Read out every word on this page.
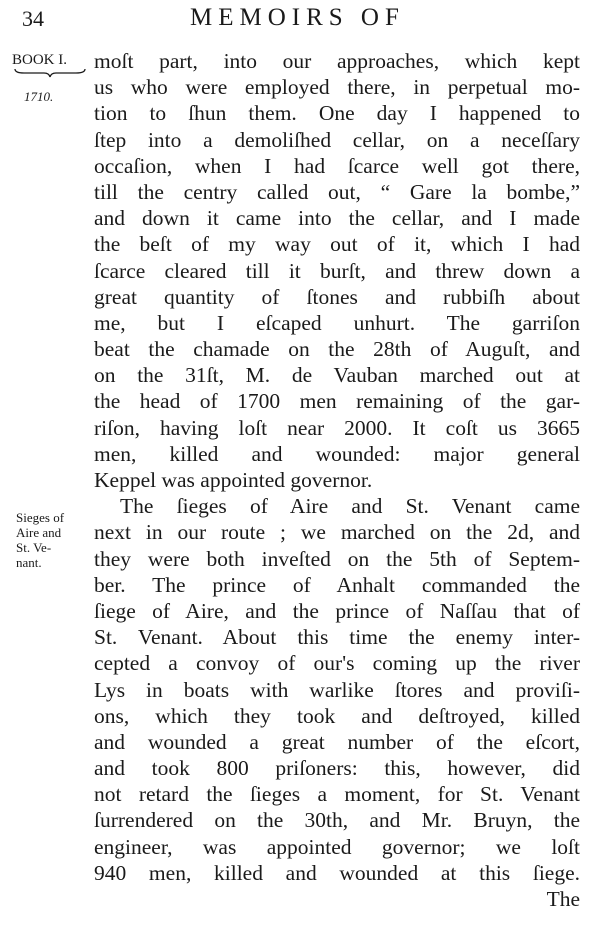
34	MEMOIRS OF
BOOK I.
1710.
Sieges of
Aire and
St. Ve-
nant.
moſt part, into our approaches, which kept
us who were employed there, in perpetual mo-
tion to ſhun them. One day I happened to
ſtep into a demoliſhed cellar, on a neceſſary
occaſion, when I had ſcarce well got there,
till the centry called out, “ Gare la bombe,”
and down it came into the cellar, and I made
the beſt of my way out of it, which I had
ſcarce cleared till it burſt, and threw down a
great quantity of ſtones and rubbiſh about
me, but I eſcaped unhurt. The garriſon
beat the chamade on the 28th of Auguſt, and
on the 31ſt, M. de Vauban marched out at
the head of 1700 men remaining of the gar-
riſon, having loſt near 2000. It coſt us 3665
men, killed and wounded: major general
Keppel was appointed governor.
The ſieges of Aire and St. Venant came
next in our route ; we marched on the 2d, and
they were both inveſted on the 5th of Septem-
ber. The prince of Anhalt commanded the
ſiege of Aire, and the prince of Naſſau that of
St. Venant. About this time the enemy inter-
cepted a convoy of our's coming up the river
Lys in boats with warlike ſtores and proviſi-
ons, which they took and deſtroyed, killed
and wounded a great number of the eſcort,
and took 800 priſoners: this, however, did
not retard the ſieges a moment, for St. Venant
ſurrendered on the 30th, and Mr. Bruyn, the
engineer, was appointed governor; we loſt
940 men, killed and wounded at this ſiege.
The
